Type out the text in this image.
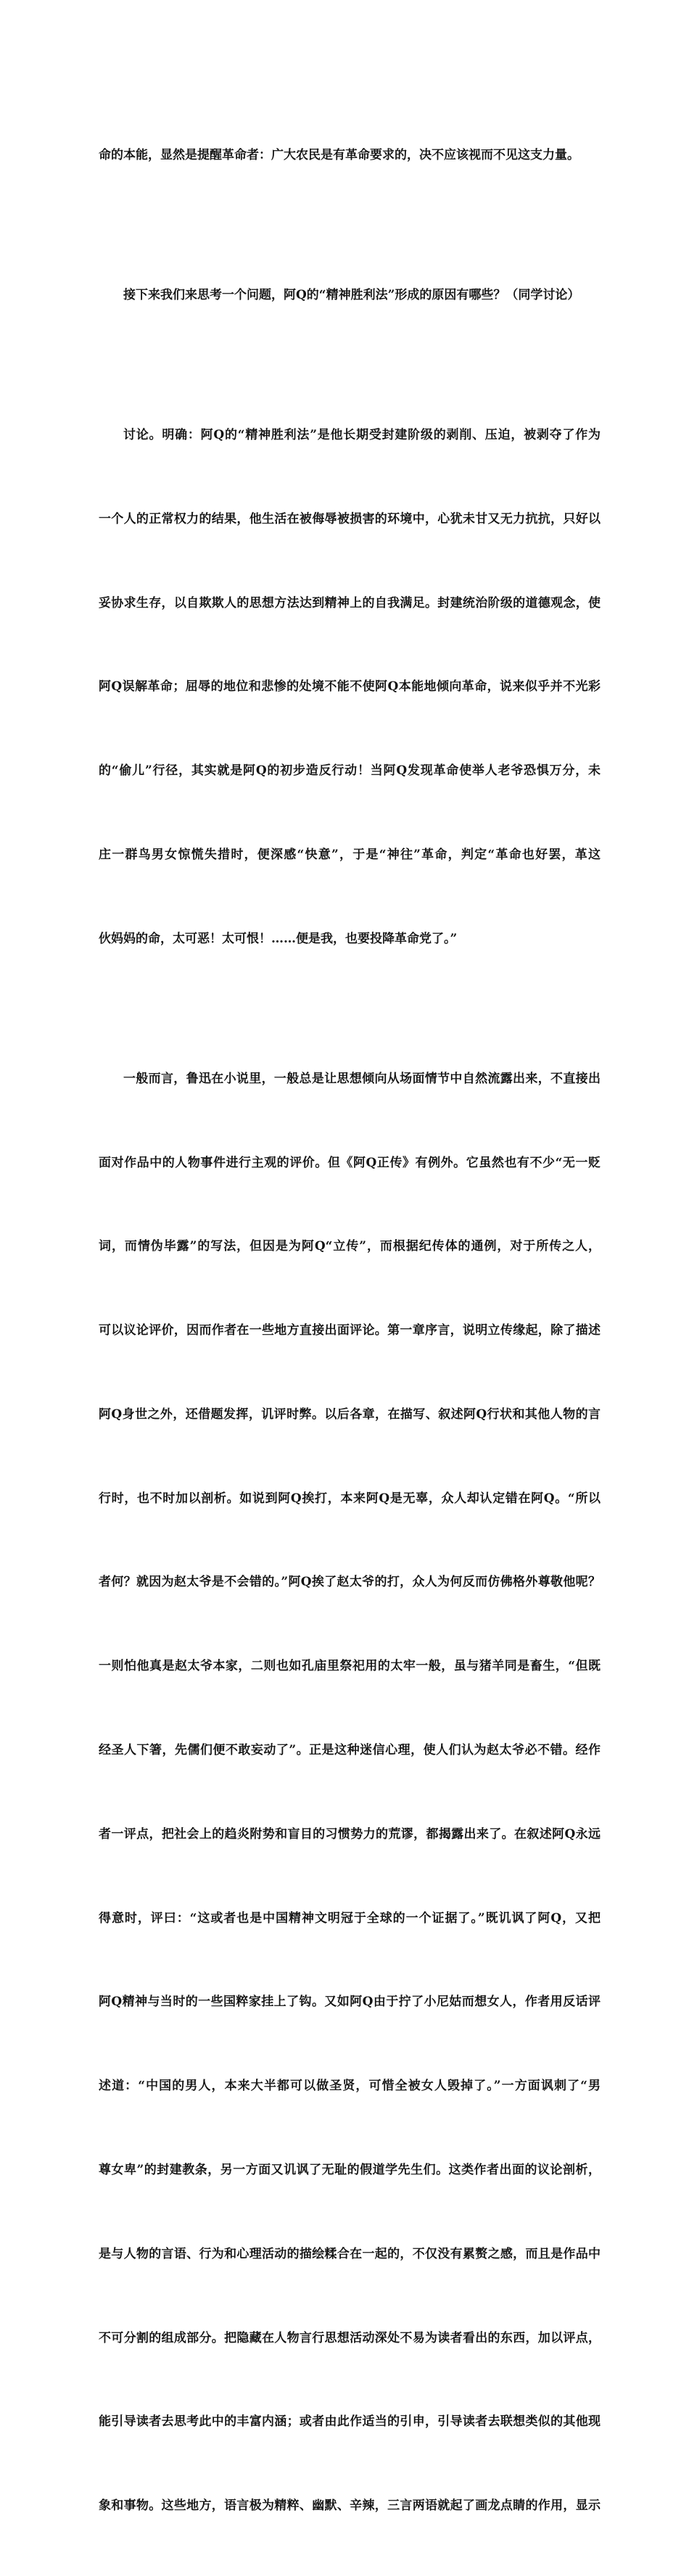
命的本能，显然是提醒革命者：广大农民是有革命要求的，决不应该视而不见这支力量。

接下来我们来思考一个问题，阿Q的“精神胜利法”形成的原因有哪些？（同学讨论）

讨论。明确：阿Q的“精神胜利法”是他长期受封建阶级的剥削、压迫，被剥夺了作为

一个人的正常权力的结果，他生活在被侮辱被损害的环境中，心犹未甘又无力抗抗，只好以

妥协求生存，以自欺欺人的思想方法达到精神上的自我满足。封建统治阶级的道德观念，使

阿Q误解革命；屈辱的地位和悲惨的处境不能不使阿Q本能地倾向革命，说来似乎并不光彩

的“偷儿”行径，其实就是阿Q的初步造反行动！当阿Q发现革命使举人老爷恐惧万分，未

庄一群鸟男女惊慌失措时，便深感“快意”，于是“神往”革命，判定“革命也好罢，革这

伙妈妈的命，太可恶！太可恨！……便是我，也要投降革命党了。”

一般而言，鲁迅在小说里，一般总是让思想倾向从场面情节中自然流露出来，不直接出

面对作品中的人物事件进行主观的评价。但《阿Q正传》有例外。它虽然也有不少“无一贬

词，而情伪毕露”的写法，但因是为阿Q“立传”，而根据纪传体的通例，对于所传之人，

可以议论评价，因而作者在一些地方直接出面评论。第一章序言，说明立传缘起，除了描述

阿Q身世之外，还借题发挥，讥评时弊。以后各章，在描写、叙述阿Q行状和其他人物的言

行时，也不时加以剖析。如说到阿Q挨打，本来阿Q是无辜，众人却认定错在阿Q。“所以

者何？就因为赵太爷是不会错的。”阿Q挨了赵太爷的打，众人为何反而仿佛格外尊敬他呢？

一则怕他真是赵太爷本家，二则也如孔庙里祭祀用的太牢一般，虽与猪羊同是畜生，“但既

经圣人下箸，先儒们便不敢妄动了”。正是这种迷信心理，使人们认为赵太爷必不错。经作

者一评点，把社会上的趋炎附势和盲目的习惯势力的荒谬，都揭露出来了。在叙述阿Q永远

得意时，评曰：“这或者也是中国精神文明冠于全球的一个证据了。”既讥讽了阿Q，又把

阿Q精神与当时的一些国粹家挂上了钩。又如阿Q由于拧了小尼姑而想女人，作者用反话评

述道：“中国的男人，本来大半都可以做圣贤，可惜全被女人毁掉了。”一方面讽刺了“男

尊女卑”的封建教条，另一方面又讥讽了无耻的假道学先生们。这类作者出面的议论剖析，

是与人物的言语、行为和心理活动的描绘糅合在一起的，不仅没有累赘之感，而且是作品中

不可分割的组成部分。把隐藏在人物言行思想活动深处不易为读者看出的东西，加以评点，

能引导读者去思考此中的丰富内涵；或者由此作适当的引申，引导读者去联想类似的其他现

象和事物。这些地方，语言极为精粹、幽默、辛辣，三言两语就起了画龙点睛的作用，显示
